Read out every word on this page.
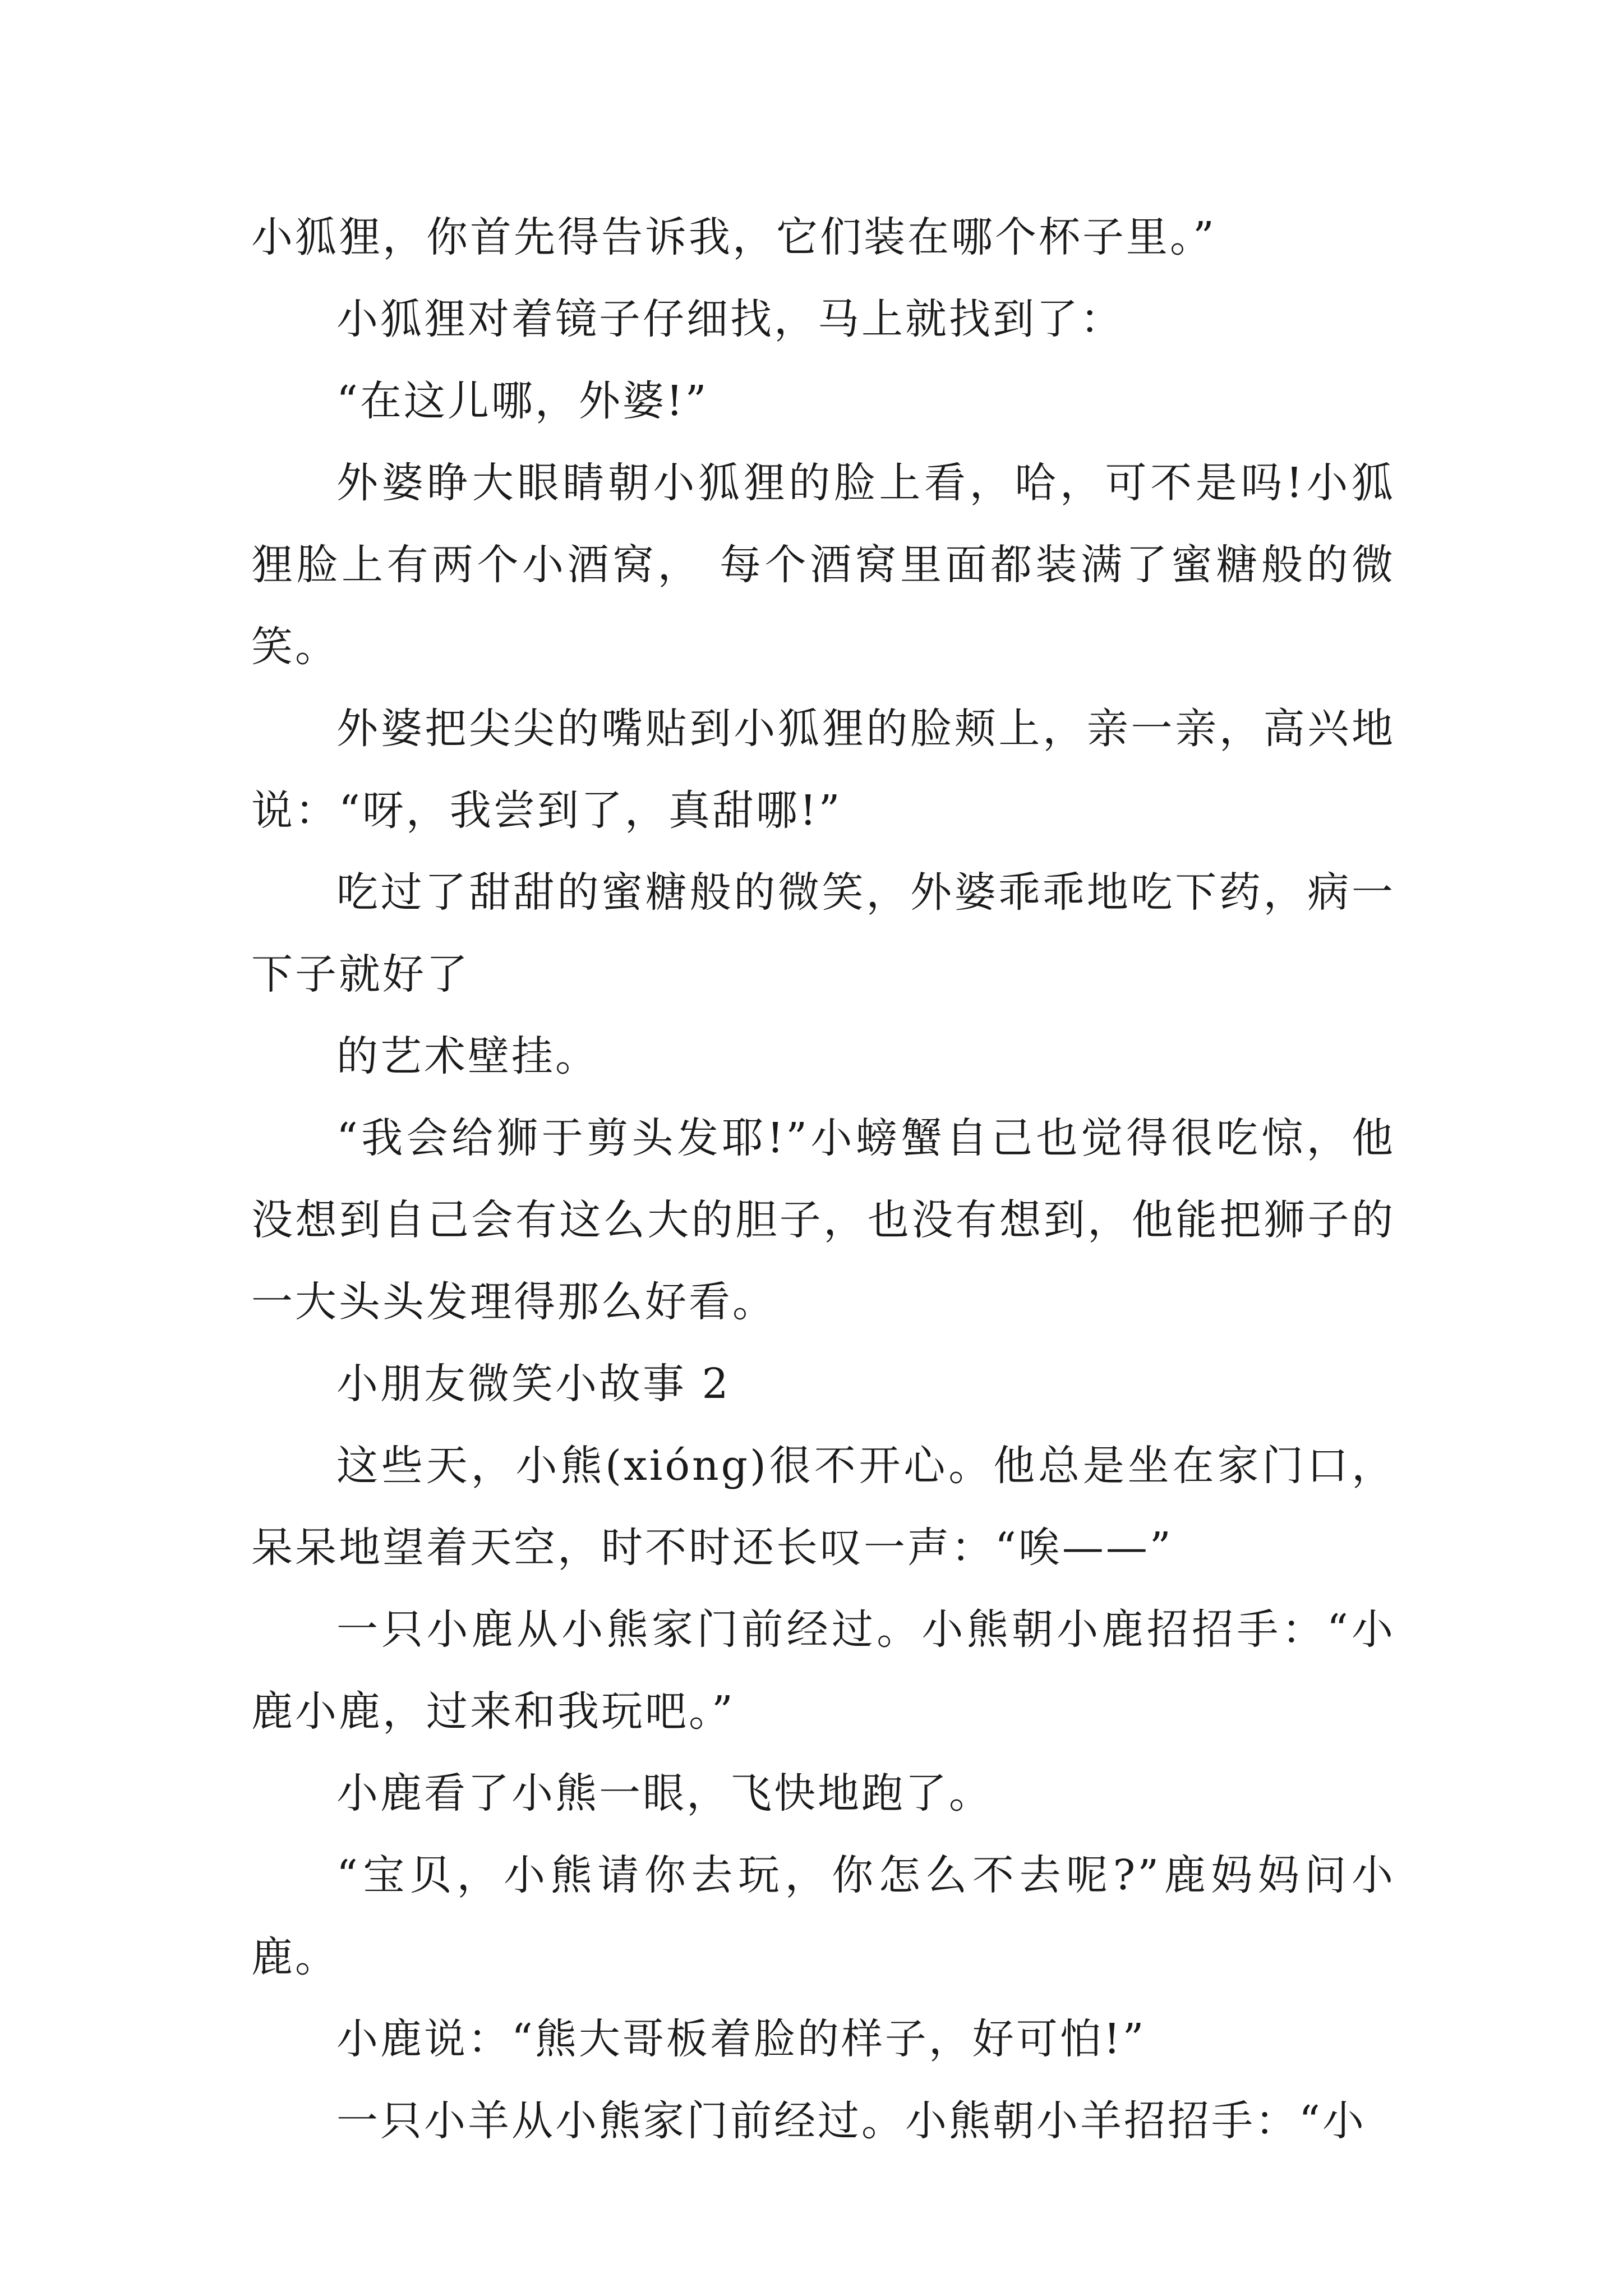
小狐狸，你首先得告诉我，它们装在哪个杯子里。”

小狐狸对着镜子仔细找，马上就找到了：

“在这儿哪，外婆!”

外婆睁大眼睛朝小狐狸的脸上看，哈，可不是吗!小狐狸脸上有两个小酒窝， 每个酒窝里面都装满了蜜糖般的微笑。

外婆把尖尖的嘴贴到小狐狸的脸颊上，亲一亲，高兴地说：“呀，我尝到了，真甜哪!”

吃过了甜甜的蜜糖般的微笑，外婆乖乖地吃下药，病一下子就好了

的艺术壁挂。

“我会给狮于剪头发耶!”小螃蟹自己也觉得很吃惊，他没想到自己会有这么大的胆子，也没有想到，他能把狮子的一大头头发理得那么好看。

小朋友微笑小故事 2

这些天，小熊(xióng)很不开心。他总是坐在家门口，呆呆地望着天空，时不时还长叹一声：“唉——”

一只小鹿从小熊家门前经过。小熊朝小鹿招招手：“小鹿小鹿，过来和我玩吧。”

小鹿看了小熊一眼，飞快地跑了。

“宝贝，小熊请你去玩，你怎么不去呢?”鹿妈妈问小鹿。

小鹿说：“熊大哥板着脸的样子，好可怕!”

一只小羊从小熊家门前经过。小熊朝小羊招招手：“小
